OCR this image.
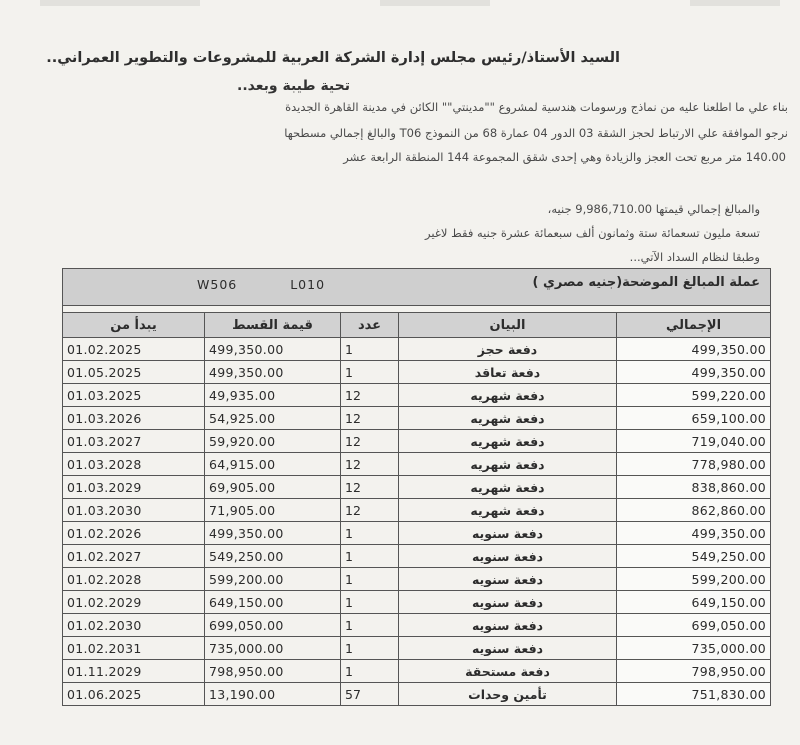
السيد الأستاذ/رئيس مجلس إدارة الشركة العربية للمشروعات والتطوير العمراني..
تحية طيبة وبعد..
بناء علي ما اطلعنا عليه من نماذج ورسومات هندسية لمشروع ""مدينتي"" الكائن في مدينة القاهرة الجديدة
نرجو الموافقة علي الارتباط لحجز الشقة 03 الدور 04 عمارة 68 من النموذج T06 والبالغ إجمالي مسطحها
140.00 متر مربع تحت العجز والزيادة وهي إحدى شقق المجموعة 144 المنطقة الرابعة عشر
والمبالغ إجمالي قيمتها 9,986,710.00 جنيه،
تسعة مليون تسعمائة ستة وثمانون ألف سبعمائة عشرة جنيه فقط لاغير
وطبقا لنظام السداد الآتي...
W506 L010 عملة المبالغ الموضحة(جنيه مصري )				

يبدأ من	قيمة القسط	عدد	البيان	الإجمالي
01.02.2025	499,350.00	1	دفعة حجز	499,350.00
01.05.2025	499,350.00	1	دفعة تعاقد	499,350.00
01.03.2025	49,935.00	12	دفعة شهريه	599,220.00
01.03.2026	54,925.00	12	دفعة شهريه	659,100.00
01.03.2027	59,920.00	12	دفعة شهريه	719,040.00
01.03.2028	64,915.00	12	دفعة شهريه	778,980.00
01.03.2029	69,905.00	12	دفعة شهريه	838,860.00
01.03.2030	71,905.00	12	دفعة شهريه	862,860.00
01.02.2026	499,350.00	1	دفعة سنويه	499,350.00
01.02.2027	549,250.00	1	دفعة سنويه	549,250.00
01.02.2028	599,200.00	1	دفعة سنويه	599,200.00
01.02.2029	649,150.00	1	دفعة سنويه	649,150.00
01.02.2030	699,050.00	1	دفعة سنويه	699,050.00
01.02.2031	735,000.00	1	دفعة سنويه	735,000.00
01.11.2029	798,950.00	1	دفعة مستحقة	798,950.00
01.06.2025	13,190.00	57	تأمين وحدات	751,830.00
